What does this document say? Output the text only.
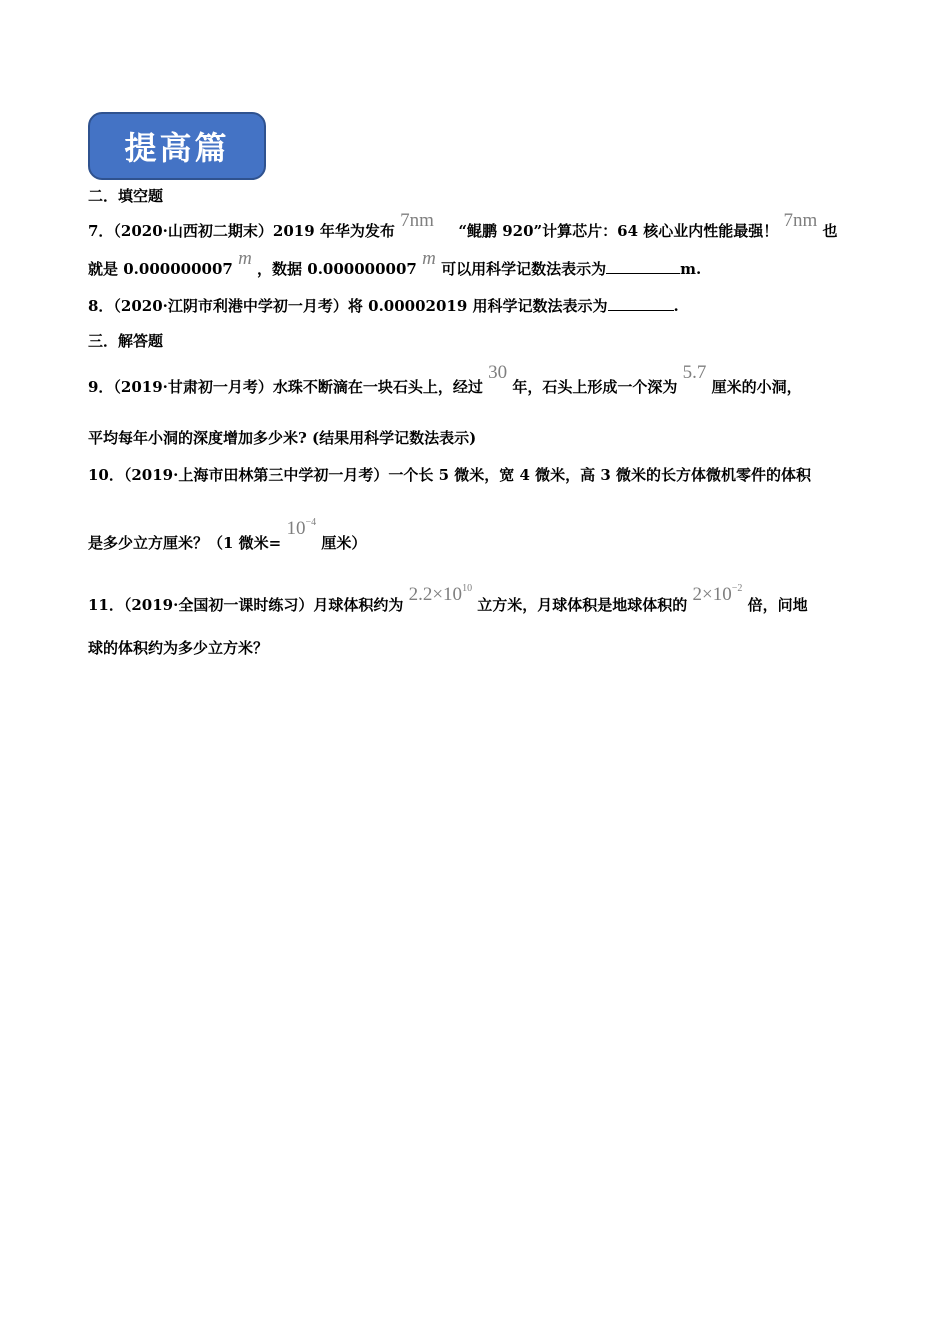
提高篇
二．填空题
7．（2020·山西初二期末）2019 年华为发布 7nm “鲲鹏 920”计算芯片：64 核心业内性能最强！ 7nm 也
就是 0.000000007 m ，数据 0.000000007 m 可以用科学记数法表示为	m.
8．（2020·江阴市利港中学初一月考）将 0.00002019 用科学记数法表示为	.
三．解答题
9．（2019·甘肃初一月考）水珠不断滴在一块石头上，经过 30 年，石头上形成一个深为 5.7 厘米的小洞，
平均每年小洞的深度增加多少米? (结果用科学记数法表示)
10．（2019·上海市田林第三中学初一月考）一个长 5 微米，宽 4 微米，高 3 微米的长方体微机零件的体积
是多少立方厘米？（1 微米= $10^{-4}$ 厘米）
11．（2019·全国初一课时练习）月球体积约为 $2.2\times 10^{10}$ 立方米，月球体积是地球体积的 $2\times 10^{-2}$ 倍，问地
球的体积约为多少立方米？
